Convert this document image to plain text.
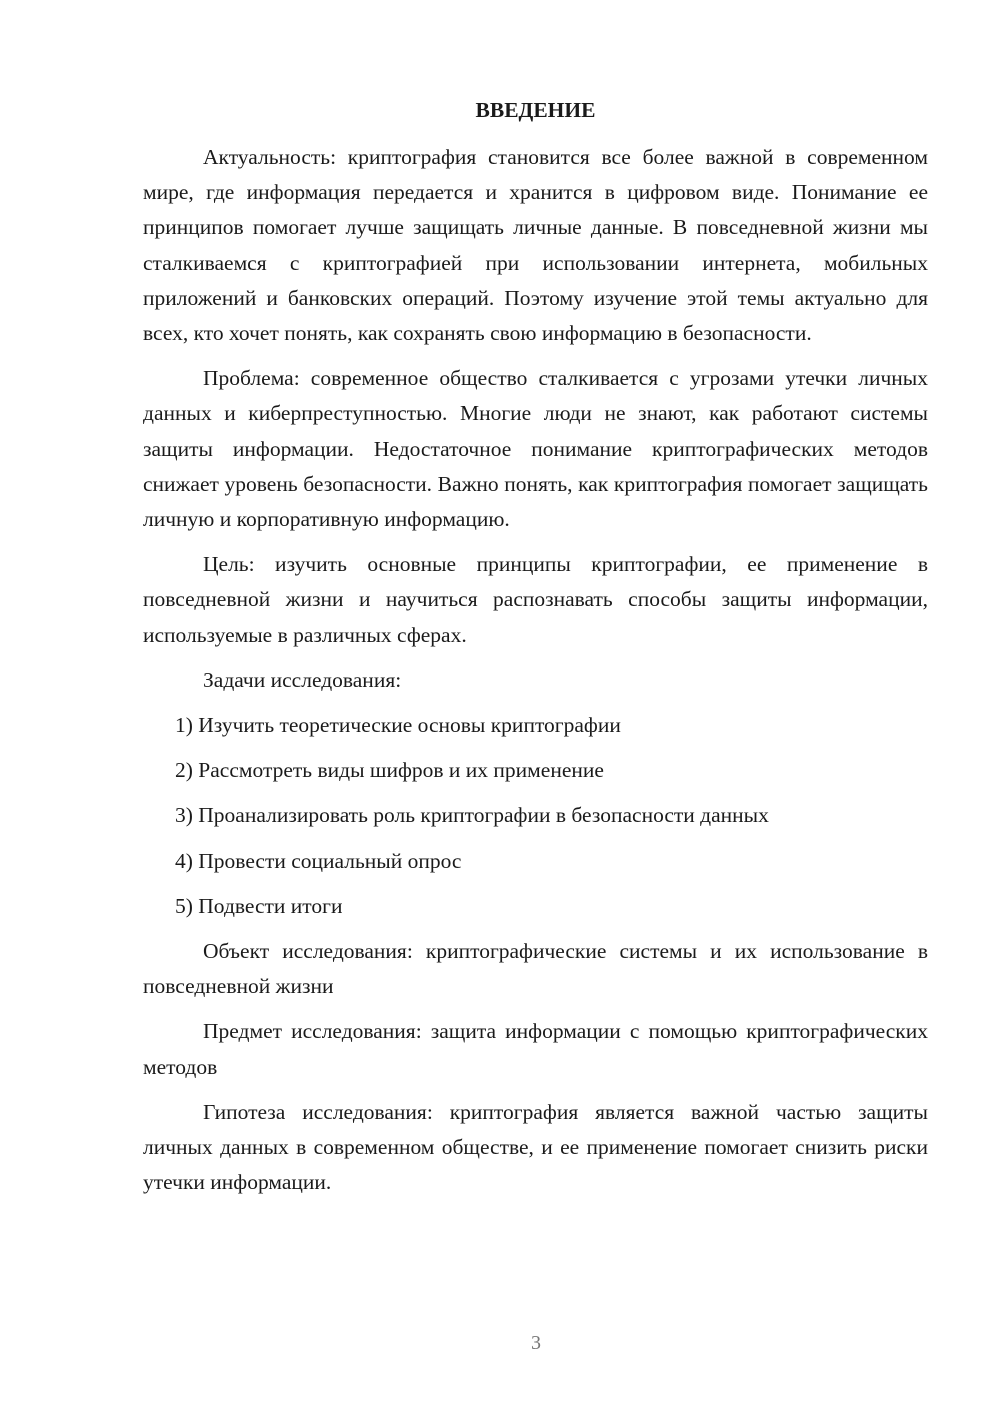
ВВЕДЕНИЕ

Актуальность: криптография становится все более важной в современном мире, где информация передается и хранится в цифровом виде. Понимание ее принципов помогает лучше защищать личные данные. В повседневной жизни мы сталкиваемся с криптографией при использовании интернета, мобильных приложений и банковских операций. Поэтому изучение этой темы актуально для всех, кто хочет понять, как сохранять свою информацию в безопасности.

Проблема: современное общество сталкивается с угрозами утечки личных данных и киберпреступностью. Многие люди не знают, как работают системы защиты информации. Недостаточное понимание криптографических методов снижает уровень безопасности. Важно понять, как криптография помогает защищать личную и корпоративную информацию.

Цель: изучить основные принципы криптографии, ее применение в повседневной жизни и научиться распознавать способы защиты информации, используемые в различных сферах.

Задачи исследования:

1) Изучить теоретические основы криптографии
2) Рассмотреть виды шифров и их применение
3) Проанализировать роль криптографии в безопасности данных
4) Провести социальный опрос
5) Подвести итоги

Объект исследования: криптографические системы и их использование в повседневной жизни

Предмет исследования: защита информации с помощью криптографических методов

Гипотеза исследования: криптография является важной частью защиты личных данных в современном обществе, и ее применение помогает снизить риски утечки информации.

3
